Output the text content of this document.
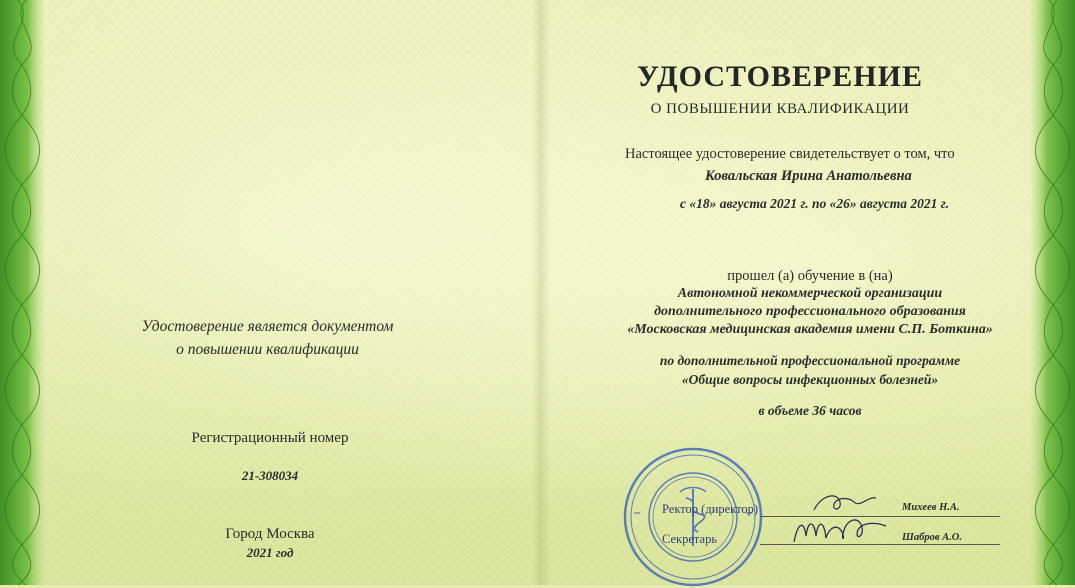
УДОСТОВЕРЕНИЕ
О ПОВЫШЕНИИ КВАЛИФИКАЦИИ
Настоящее удостоверение свидетельствует о том, что
Ковальская Ирина Анатольевна
с «18» августа 2021 г. по «26» августа 2021 г.
прошел (а) обучение в (на)
Автономной некоммерческой организации
дополнительного профессионального образования
«Московская медицинская академия имени С.П. Боткина»
по дополнительной профессиональной программе
«Общие вопросы инфекционных болезней»
в объеме 36 часов
Удостоверение является документом
о повышении квалификации
Регистрационный номер
21-308034
Город Москва
2021 год
Ректор (директор)	Михеев Н.А.
Секретарь	Шабров А.О.
